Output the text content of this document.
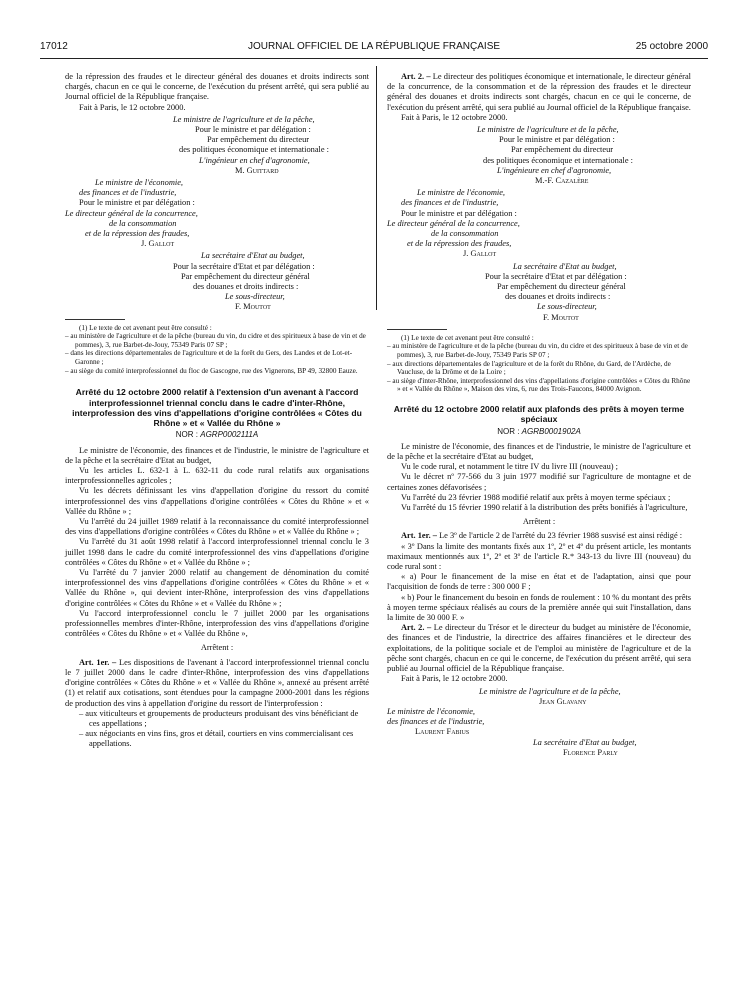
17012	JOURNAL OFFICIEL DE LA RÉPUBLIQUE FRANÇAISE	25 octobre 2000

de la répression des fraudes et le directeur général des douanes et droits indirects sont chargés, chacun en ce qui le concerne, de l'exécution du présent arrêté, qui sera publié au Journal officiel de la République française.

Fait à Paris, le 12 octobre 2000.

Le ministre de l'agriculture et de la pêche,

Pour le ministre et par délégation :

Par empêchement du directeur

des politiques économique et internationale :

L'ingénieur en chef d'agronomie,

M. Guittard

Le ministre de l'économie,

des finances et de l'industrie,

Pour le ministre et par délégation :

Le directeur général de la concurrence,

de la consommation

et de la répression des fraudes,

J. Gallot

La secrétaire d'Etat au budget,

Pour la secrétaire d'Etat et par délégation :

Par empêchement du directeur général

des douanes et droits indirects :

Le sous-directeur,

F. Moutot

(1) Le texte de cet avenant peut être consulté :

– au ministère de l'agriculture et de la pêche (bureau du vin, du cidre et des spiritueux à base de vin et de pommes), 3, rue Barbet-de-Jouy, 75349 Paris 07 SP ;

– dans les directions départementales de l'agriculture et de la forêt du Gers, des Landes et de Lot-et-Garonne ;

– au siège du comité interprofessionnel du floc de Gascogne, rue des Vignerons, BP 49, 32800 Eauze.

Arrêté du 12 octobre 2000 relatif à l'extension d'un avenant à l'accord interprofessionnel triennal conclu dans le cadre d'inter-Rhône, interprofession des vins d'appellations d'origine contrôlées « Côtes du Rhône » et « Vallée du Rhône »
NOR : AGRP0002111A

Le ministre de l'économie, des finances et de l'industrie, le ministre de l'agriculture et de la pêche et la secrétaire d'Etat au budget,

Vu les articles L. 632-1 à L. 632-11 du code rural relatifs aux organisations interprofessionnelles agricoles ;

Vu les décrets définissant les vins d'appellation d'origine du ressort du comité interprofessionnel des vins d'appellations d'origine contrôlées « Côtes du Rhône » et « Vallée du Rhône » ;

Vu l'arrêté du 24 juillet 1989 relatif à la reconnaissance du comité interprofessionnel des vins d'appellations d'origine contrôlées « Côtes du Rhône » et « Vallée du Rhône » ;

Vu l'arrêté du 31 août 1998 relatif à l'accord interprofessionnel triennal conclu le 3 juillet 1998 dans le cadre du comité interprofessionnel des vins d'appellations d'origine contrôlées « Côtes du Rhône » et « Vallée du Rhône » ;

Vu l'arrêté du 7 janvier 2000 relatif au changement de dénomination du comité interprofessionnel des vins d'appellations d'origine contrôlées « Côtes du Rhône » et « Vallée du Rhône », qui devient inter-Rhône, interprofession des vins d'appellations d'origine contrôlées « Côtes du Rhône » et « Vallée du Rhône » ;

Vu l'accord interprofessionnel conclu le 7 juillet 2000 par les organisations professionnelles membres d'inter-Rhône, interprofession des vins d'appellations d'origine contrôlées « Côtes du Rhône » et « Vallée du Rhône »,

Arrêtent :

Art. 1er. – Les dispositions de l'avenant à l'accord interprofessionnel triennal conclu le 7 juillet 2000 dans le cadre d'inter-Rhône, interprofession des vins d'appellations d'origine contrôlées « Côtes du Rhône » et « Vallée du Rhône », annexé au présent arrêté (1) et relatif aux cotisations, sont étendues pour la campagne 2000-2001 dans les régions de production des vins à appellation d'origine du ressort de l'interprofession :

– aux viticulteurs et groupements de producteurs produisant des vins bénéficiant de ces appellations ;

– aux négociants en vins fins, gros et détail, courtiers en vins commercialisant ces appellations.

Art. 2. – Le directeur des politiques économique et internationale, le directeur général de la concurrence, de la consommation et de la répression des fraudes et le directeur général des douanes et droits indirects sont chargés, chacun en ce qui le concerne, de l'exécution du présent arrêté, qui sera publié au Journal officiel de la République française.

Fait à Paris, le 12 octobre 2000.

Le ministre de l'agriculture et de la pêche,

Pour le ministre et par délégation :

Par empêchement du directeur

des politiques économique et internationale :

L'ingénieure en chef d'agronomie,

M.-F. Cazalère

Le ministre de l'économie,

des finances et de l'industrie,

Pour le ministre et par délégation :

Le directeur général de la concurrence,

de la consommation

et de la répression des fraudes,

J. Gallot

La secrétaire d'Etat au budget,

Pour la secrétaire d'Etat et par délégation :

Par empêchement du directeur général

des douanes et droits indirects :

Le sous-directeur,

F. Moutot

(1) Le texte de cet avenant peut être consulté :

– au ministère de l'agriculture et de la pêche (bureau du vin, du cidre et des spiritueux à base de vin et de pommes), 3, rue Barbet-de-Jouy, 75349 Paris SP 07 ;

– aux directions départementales de l'agriculture et de la forêt du Rhône, du Gard, de l'Ardèche, de Vaucluse, de la Drôme et de la Loire ;

– au siège d'inter-Rhône, interprofessionnel des vins d'appellations d'origine contrôlées « Côtes du Rhône » et « Vallée du Rhône », Maison des vins, 6, rue des Trois-Faucons, 84000 Avignon.

Arrêté du 12 octobre 2000 relatif aux plafonds des prêts à moyen terme spéciaux
NOR : AGRB0001902A

Le ministre de l'économie, des finances et de l'industrie, le ministre de l'agriculture et de la pêche et la secrétaire d'Etat au budget,

Vu le code rural, et notamment le titre IV du livre III (nouveau) ;

Vu le décret nº 77-566 du 3 juin 1977 modifié sur l'agriculture de montagne et de certaines zones défavorisées ;

Vu l'arrêté du 23 février 1988 modifié relatif aux prêts à moyen terme spéciaux ;

Vu l'arrêté du 15 février 1990 relatif à la distribution des prêts bonifiés à l'agriculture,

Arrêtent :

Art. 1er. – Le 3º de l'article 2 de l'arrêté du 23 février 1988 susvisé est ainsi rédigé :

« 3º Dans la limite des montants fixés aux 1º, 2º et 4º du présent article, les montants maximaux mentionnés aux 1º, 2º et 3º de l'article R.* 343-13 du livre III (nouveau) du code rural sont :

« a) Pour le financement de la mise en état et de l'adaptation, ainsi que pour l'acquisition de fonds de terre : 300 000 F ;

« b) Pour le financement du besoin en fonds de roulement : 10 % du montant des prêts à moyen terme spéciaux réalisés au cours de la première année qui suit l'installation, dans la limite de 30 000 F. »

Art. 2. – Le directeur du Trésor et le directeur du budget au ministère de l'économie, des finances et de l'industrie, la directrice des affaires financières et le directeur des exploitations, de la politique sociale et de l'emploi au ministère de l'agriculture et de la pêche sont chargés, chacun en ce qui le concerne, de l'exécution du présent arrêté, qui sera publié au Journal officiel de la République française.

Fait à Paris, le 12 octobre 2000.

Le ministre de l'agriculture et de la pêche,

Jean Glavany

Le ministre de l'économie,

des finances et de l'industrie,

Laurent Fabius

La secrétaire d'Etat au budget,

Florence Parly
